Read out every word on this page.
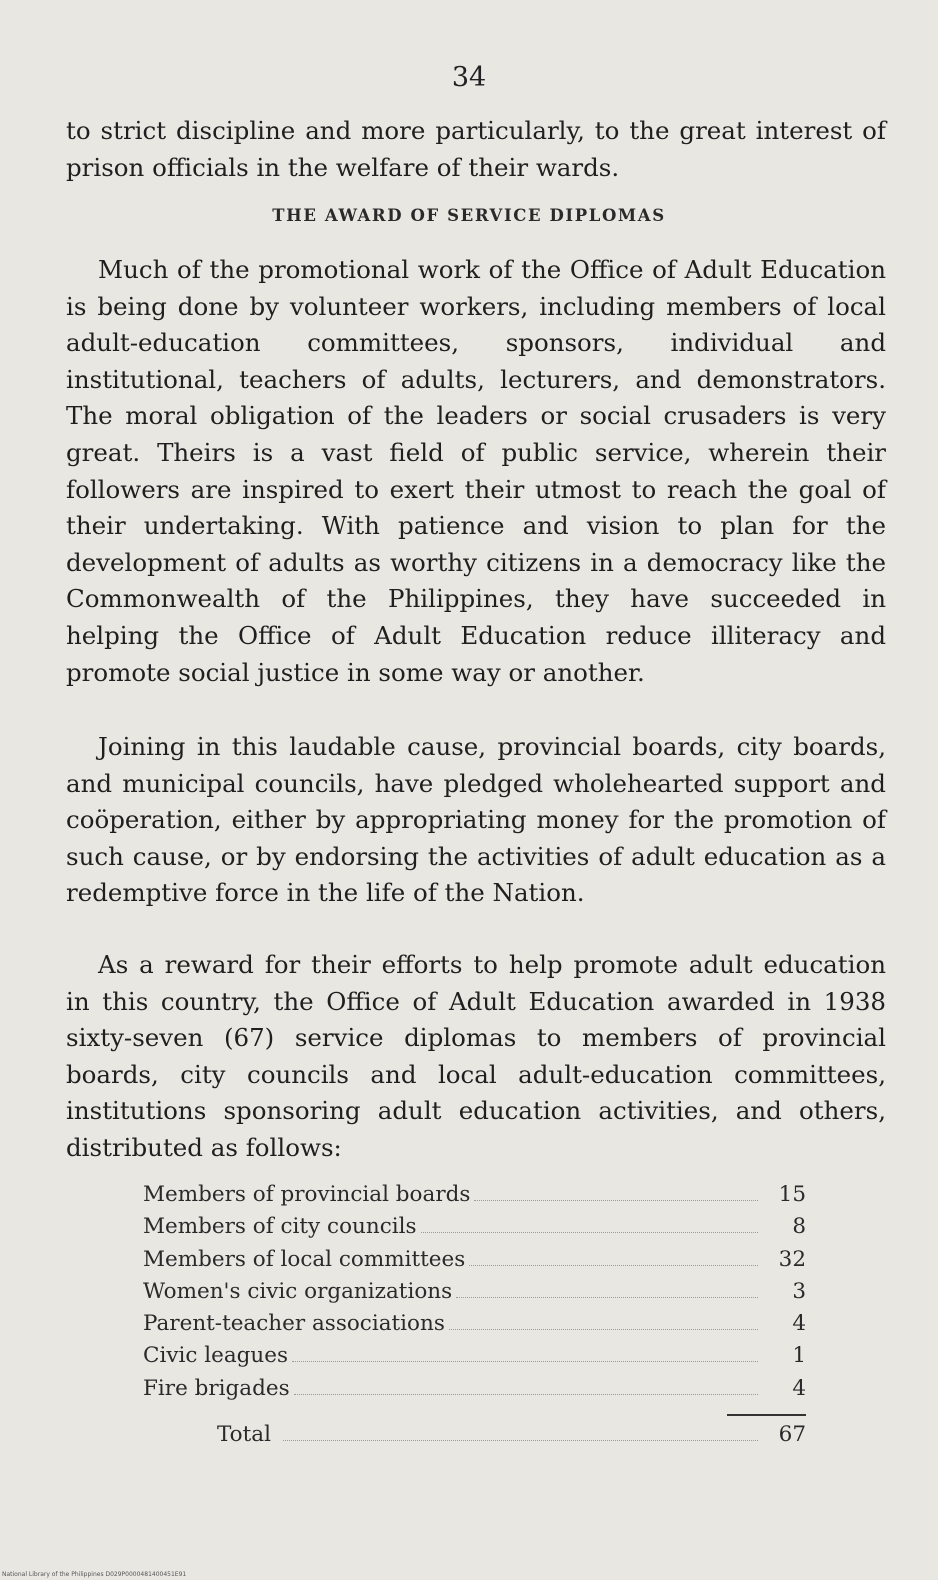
34

to strict discipline and more particularly, to the great interest of prison officials in the welfare of their wards.

THE AWARD OF SERVICE DIPLOMAS

Much of the promotional work of the Office of Adult Education is being done by volunteer workers, including members of local adult-education committees, sponsors, individual and institutional, teachers of adults, lecturers, and demonstrators. The moral obligation of the leaders or social crusaders is very great. Theirs is a vast field of public service, wherein their followers are inspired to exert their utmost to reach the goal of their undertaking. With patience and vision to plan for the development of adults as worthy citizens in a democracy like the Commonwealth of the Philippines, they have succeeded in helping the Office of Adult Education reduce illiteracy and promote social justice in some way or another.

Joining in this laudable cause, provincial boards, city boards, and municipal councils, have pledged wholehearted support and coöperation, either by appropriating money for the promotion of such cause, or by endorsing the activities of adult education as a redemptive force in the life of the Nation.

As a reward for their efforts to help promote adult education in this country, the Office of Adult Education awarded in 1938 sixty-seven (67) service diplomas to members of provincial boards, city councils and local adult-education committees, institutions sponsoring adult education activities, and others, distributed as follows:

Members of provincial boards	15
Members of city councils	8
Members of local committees	32
Women's civic organizations	3
Parent-teacher associations	4
Civic leagues	1
Fire brigades	4
Total	67
National Library of the Philippines D029P0000481400451E91
